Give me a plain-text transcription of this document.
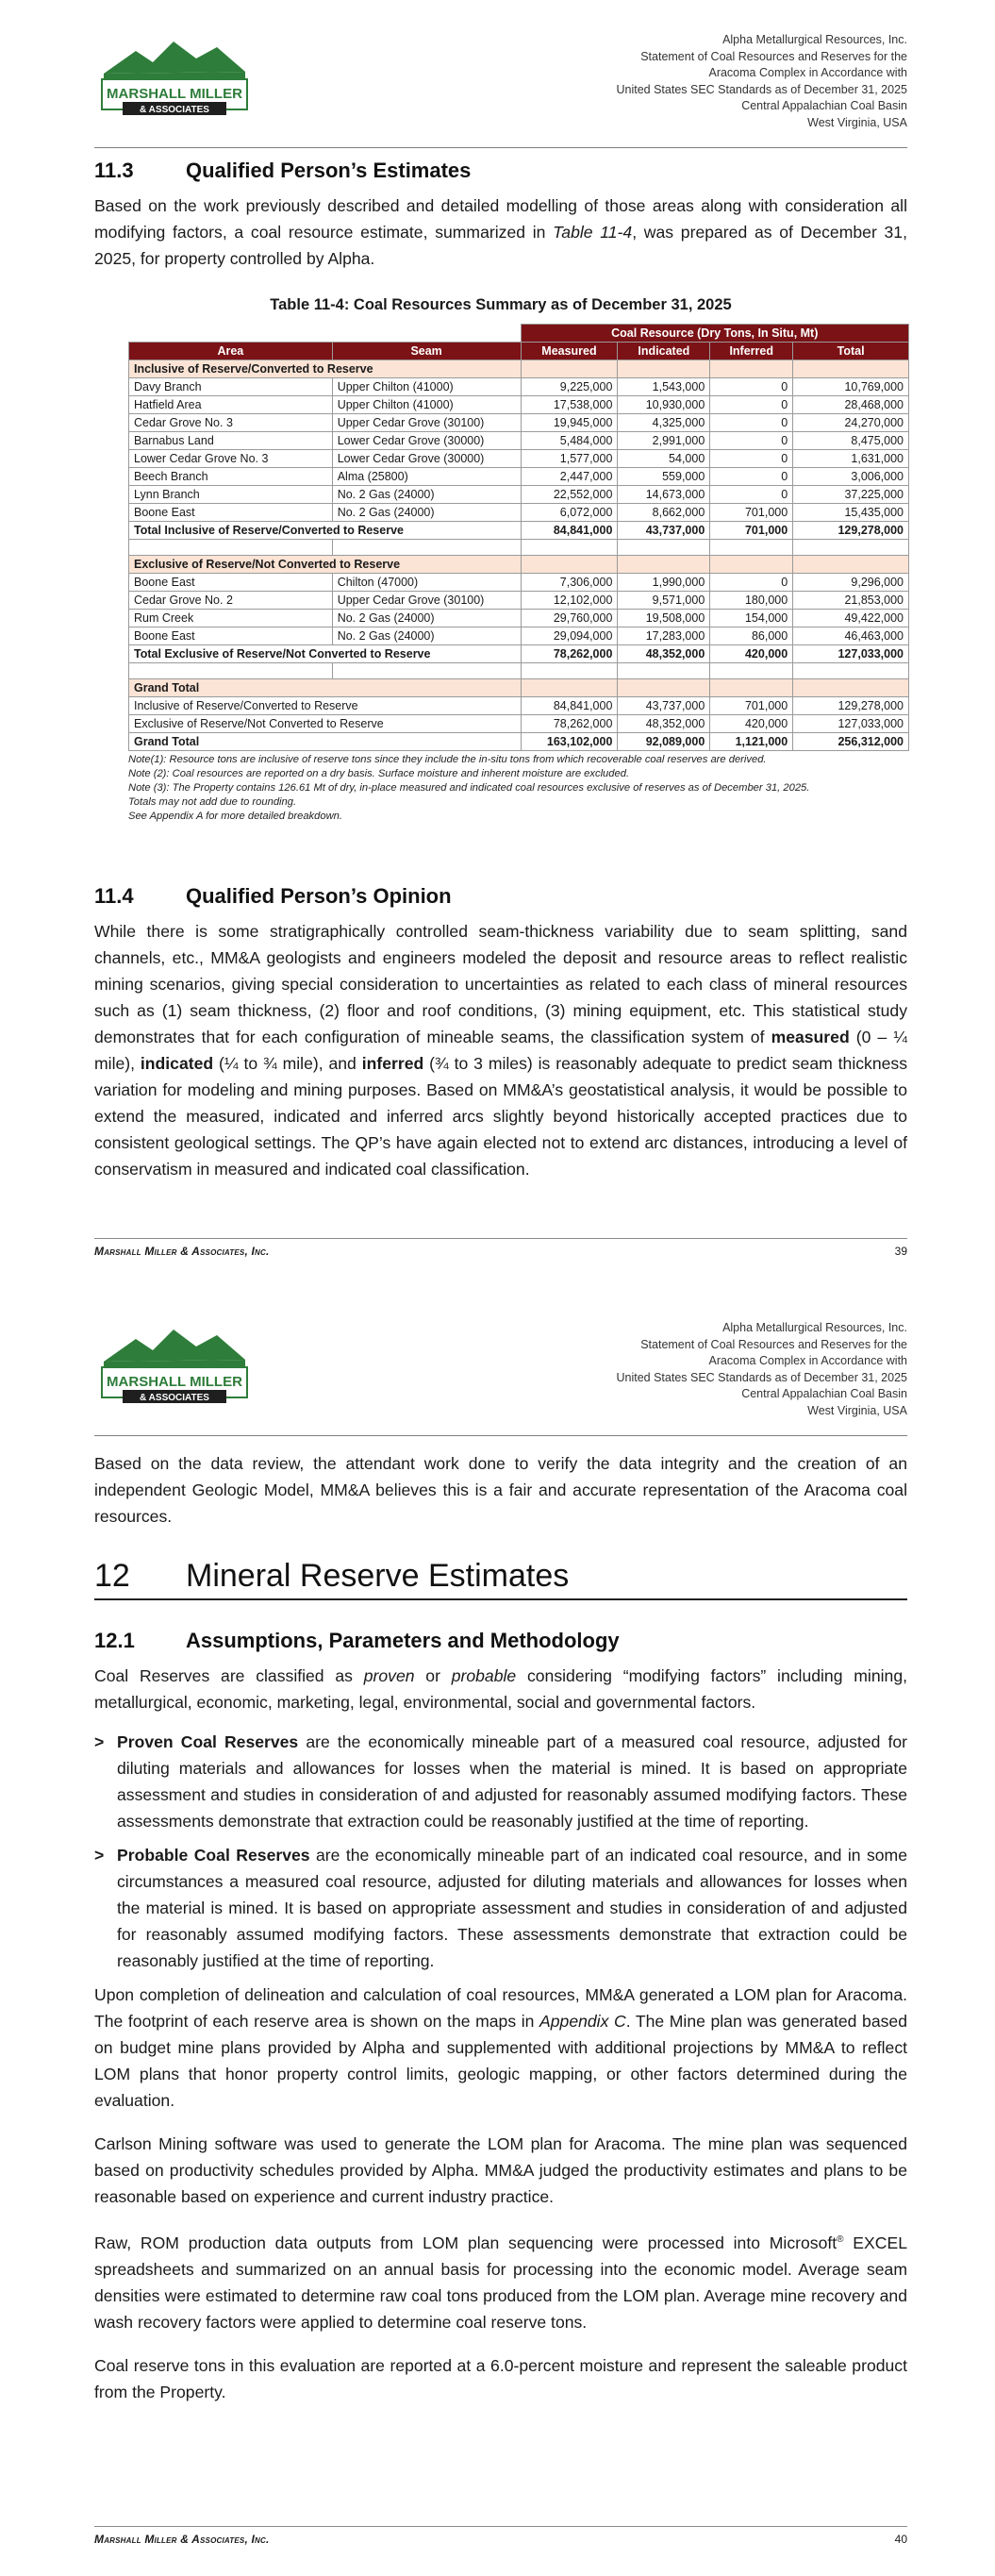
MARSHALL MILLER
& ASSOCIATES
Alpha Metallurgical Resources, Inc.
Statement of Coal Resources and Reserves for the
Aracoma Complex in Accordance with
United States SEC Standards as of December 31, 2025
Central Appalachian Coal Basin
West Virginia, USA
11.3	Qualified Person’s Estimates

Based on the work previously described and detailed modelling of those areas along with consideration all modifying factors, a coal resource estimate, summarized in Table 11-4, was prepared as of December 31, 2025, for property controlled by Alpha.

Table 11-4: Coal Resources Summary as of December 31, 2025
		Coal Resource (Dry Tons, In Situ, Mt)			
Area	Seam	Measured	Indicated	Inferred	Total
Inclusive of Reserve/Converted to Reserve					
Davy Branch	Upper Chilton (41000)	9,225,000	1,543,000	0	10,769,000
Hatfield Area	Upper Chilton (41000)	17,538,000	10,930,000	0	28,468,000
Cedar Grove No. 3	Upper Cedar Grove (30100)	19,945,000	4,325,000	0	24,270,000
Barnabus Land	Lower Cedar Grove (30000)	5,484,000	2,991,000	0	8,475,000
Lower Cedar Grove No. 3	Lower Cedar Grove (30000)	1,577,000	54,000	0	1,631,000
Beech Branch	Alma (25800)	2,447,000	559,000	0	3,006,000
Lynn Branch	No. 2 Gas (24000)	22,552,000	14,673,000	0	37,225,000
Boone East	No. 2 Gas (24000)	6,072,000	8,662,000	701,000	15,435,000
Total Inclusive of Reserve/Converted to Reserve		84,841,000	43,737,000	701,000	129,278,000

Exclusive of Reserve/Not Converted to Reserve					
Boone East	Chilton (47000)	7,306,000	1,990,000	0	9,296,000
Cedar Grove No. 2	Upper Cedar Grove (30100)	12,102,000	9,571,000	180,000	21,853,000
Rum Creek	No. 2 Gas (24000)	29,760,000	19,508,000	154,000	49,422,000
Boone East	No. 2 Gas (24000)	29,094,000	17,283,000	86,000	46,463,000
Total Exclusive of Reserve/Not Converted to Reserve		78,262,000	48,352,000	420,000	127,033,000

Grand Total					
Inclusive of Reserve/Converted to Reserve		84,841,000	43,737,000	701,000	129,278,000
Exclusive of Reserve/Not Converted to Reserve		78,262,000	48,352,000	420,000	127,033,000
Grand Total		163,102,000	92,089,000	1,121,000	256,312,000
Note(1): Resource tons are inclusive of reserve tons since they include the in-situ tons from which recoverable coal reserves are derived.
Note (2): Coal resources are reported on a dry basis. Surface moisture and inherent moisture are excluded.
Note (3): The Property contains 126.61 Mt of dry, in-place measured and indicated coal resources exclusive of reserves as of December 31, 2025.
Totals may not add due to rounding.
See Appendix A for more detailed breakdown.
11.4	Qualified Person’s Opinion

While there is some stratigraphically controlled seam-thickness variability due to seam splitting, sand channels, etc., MM&A geologists and engineers modeled the deposit and resource areas to reflect realistic mining scenarios, giving special consideration to uncertainties as related to each class of mineral resources such as (1) seam thickness, (2) floor and roof conditions, (3) mining equipment, etc. This statistical study demonstrates that for each configuration of mineable seams, the classification system of measured (0 – ¼ mile), indicated (¼ to ¾ mile), and inferred (¾ to 3 miles) is reasonably adequate to predict seam thickness variation for modeling and mining purposes. Based on MM&A’s geostatistical analysis, it would be possible to extend the measured, indicated and inferred arcs slightly beyond historically accepted practices due to consistent geological settings. The QP’s have again elected not to extend arc distances, introducing a level of conservatism in measured and indicated coal classification.

Marshall Miller & Associates, Inc.	39
MARSHALL MILLER
& ASSOCIATES
Alpha Metallurgical Resources, Inc.
Statement of Coal Resources and Reserves for the
Aracoma Complex in Accordance with
United States SEC Standards as of December 31, 2025
Central Appalachian Coal Basin
West Virginia, USA

Based on the data review, the attendant work done to verify the data integrity and the creation of an independent Geologic Model, MM&A believes this is a fair and accurate representation of the Aracoma coal resources.

12 Mineral Reserve Estimates
12.1 Assumptions, Parameters and Methodology

Coal Reserves are classified as proven or probable considering “modifying factors” including mining, metallurgical, economic, marketing, legal, environmental, social and governmental factors.

> Proven Coal Reserves are the economically mineable part of a measured coal resource, adjusted for diluting materials and allowances for losses when the material is mined. It is based on appropriate assessment and studies in consideration of and adjusted for reasonably assumed modifying factors. These assessments demonstrate that extraction could be reasonably justified at the time of reporting.

> Probable Coal Reserves are the economically mineable part of an indicated coal resource, and in some circumstances a measured coal resource, adjusted for diluting materials and allowances for losses when the material is mined. It is based on appropriate assessment and studies in consideration of and adjusted for reasonably assumed modifying factors. These assessments demonstrate that extraction could be reasonably justified at the time of reporting.

Upon completion of delineation and calculation of coal resources, MM&A generated a LOM plan for Aracoma. The footprint of each reserve area is shown on the maps in Appendix C. The Mine plan was generated based on budget mine plans provided by Alpha and supplemented with additional projections by MM&A to reflect LOM plans that honor property control limits, geologic mapping, or other factors determined during the evaluation.

Carlson Mining software was used to generate the LOM plan for Aracoma. The mine plan was sequenced based on productivity schedules provided by Alpha. MM&A judged the productivity estimates and plans to be reasonable based on experience and current industry practice.

Raw, ROM production data outputs from LOM plan sequencing were processed into Microsoft® EXCEL spreadsheets and summarized on an annual basis for processing into the economic model. Average seam densities were estimated to determine raw coal tons produced from the LOM plan. Average mine recovery and wash recovery factors were applied to determine coal reserve tons.

Coal reserve tons in this evaluation are reported at a 6.0-percent moisture and represent the saleable product from the Property.

Marshall Miller & Associates, Inc.	40
